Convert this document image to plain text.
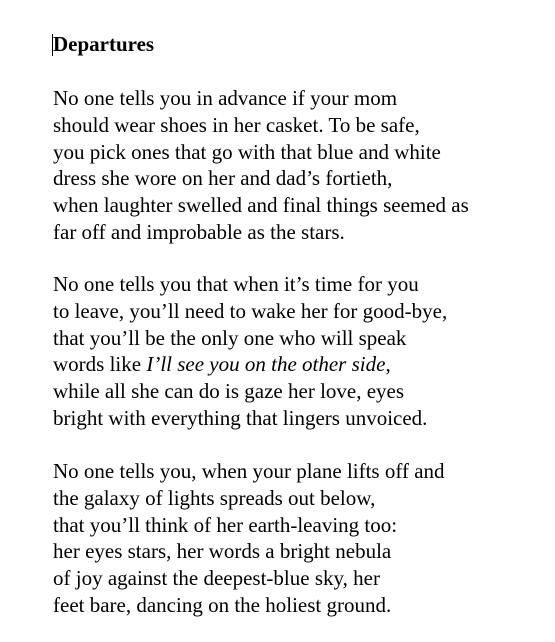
Departures
No one tells you in advance if your mom
should wear shoes in her casket. To be safe,
you pick ones that go with that blue and white
dress she wore on her and dad’s fortieth,
when laughter swelled and final things seemed as
far off and improbable as the stars.
No one tells you that when it’s time for you
to leave, you’ll need to wake her for good-bye,
that you’ll be the only one who will speak
words like I’ll see you on the other side,
while all she can do is gaze her love, eyes
bright with everything that lingers unvoiced.
No one tells you, when your plane lifts off and
the galaxy of lights spreads out below,
that you’ll think of her earth-leaving too:
her eyes stars, her words a bright nebula
of joy against the deepest-blue sky, her
feet bare, dancing on the holiest ground.
